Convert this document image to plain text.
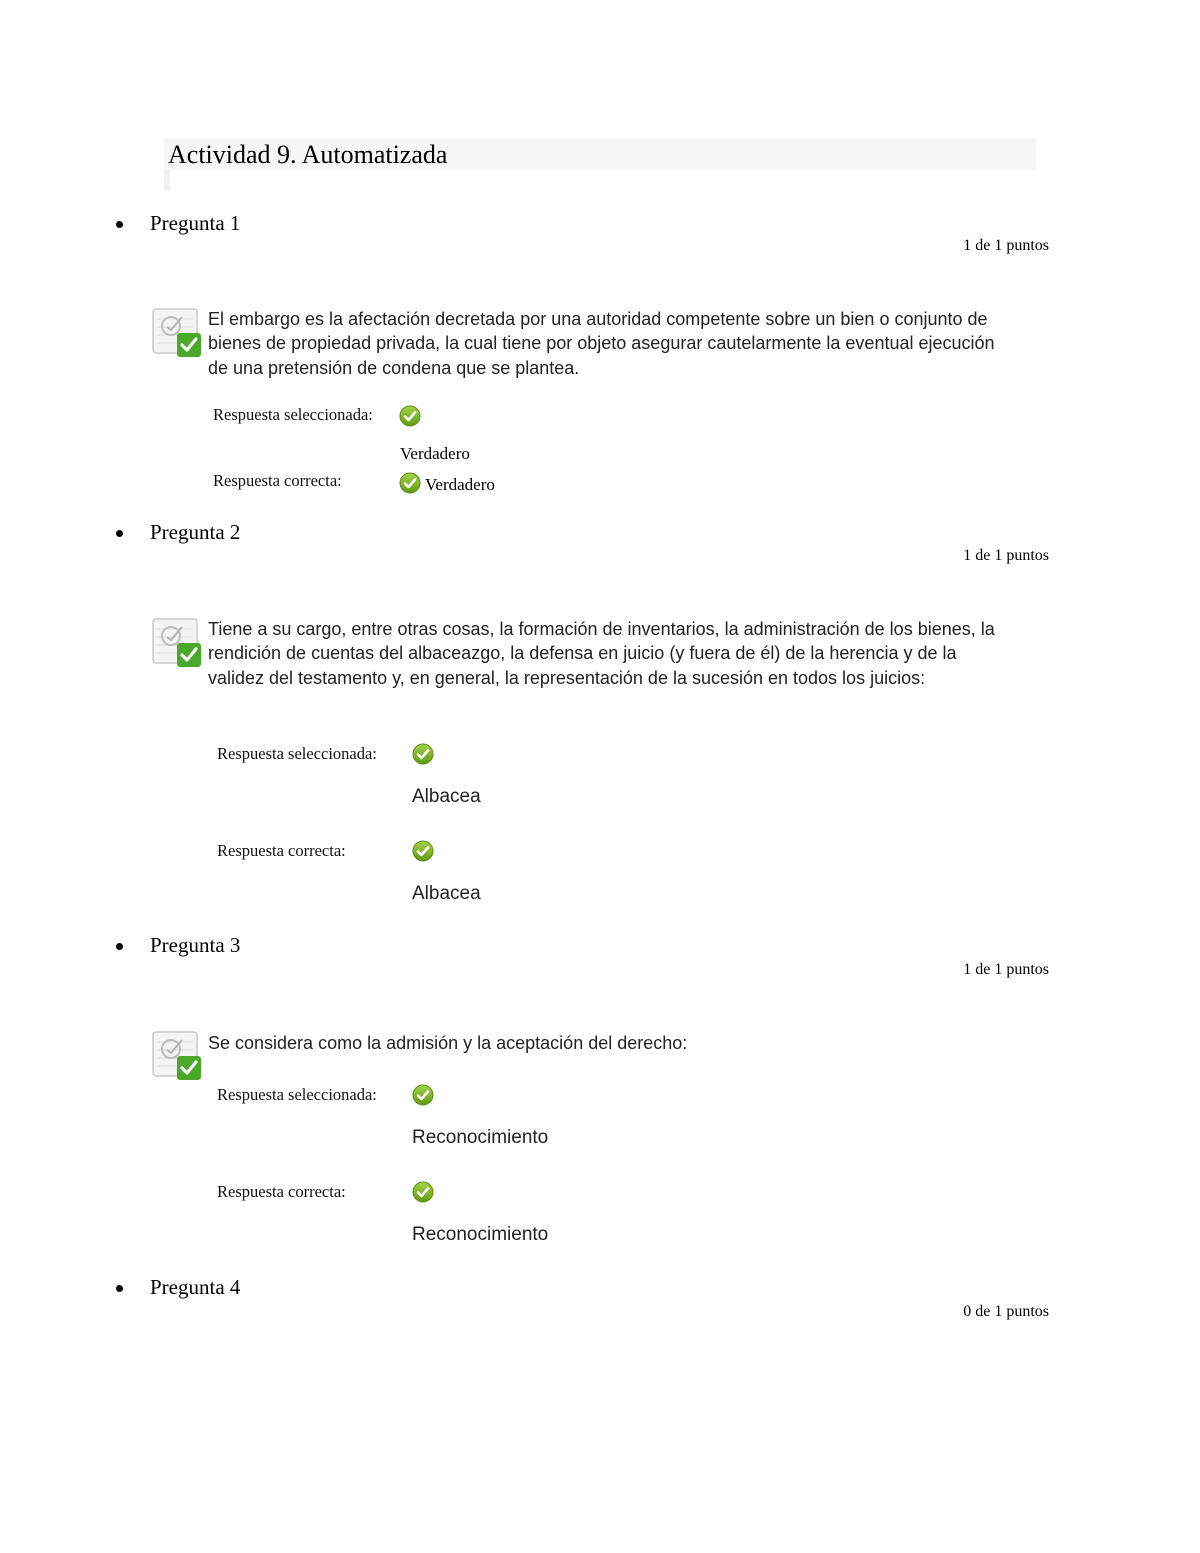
Actividad 9. Automatizada
Pregunta 1
1 de 1 puntos
El embargo es la afectación decretada por una autoridad competente sobre un bien o conjunto de bienes de propiedad privada, la cual tiene por objeto asegurar cautelarmente la eventual ejecución de una pretensión de condena que se plantea.
Respuesta seleccionada:
Verdadero
Respuesta correcta:	Verdadero
Pregunta 2
1 de 1 puntos
Tiene a su cargo, entre otras cosas, la formación de inventarios, la administración de los bienes, la rendición de cuentas del albaceazgo, la defensa en juicio (y fuera de él) de la herencia y de la validez del testamento y, en general, la representación de la sucesión en todos los juicios:
Respuesta seleccionada:
Albacea
Respuesta correcta:
Albacea
Pregunta 3
1 de 1 puntos
Se considera como la admisión y la aceptación del derecho:
Respuesta seleccionada:
Reconocimiento
Respuesta correcta:
Reconocimiento
Pregunta 4
0 de 1 puntos
